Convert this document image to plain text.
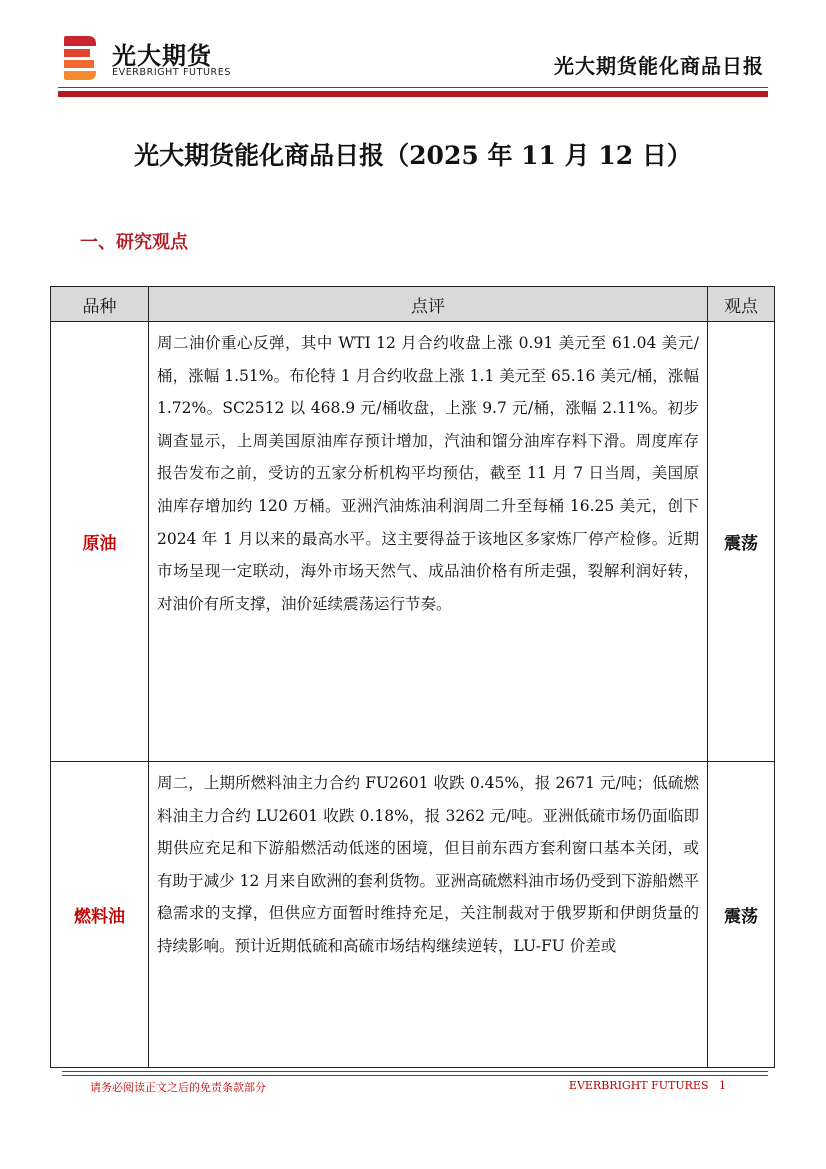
光大期货
EVERBRIGHT FUTURES	光大期货能化商品日报
光大期货能化商品日报（2025 年 11 月 12 日）
一、研究观点
品种	点评	观点
原油	周二油价重心反弹，其中 WTI 12 月合约收盘上涨 0.91 美元至 61.04 美元/桶，涨幅 1.51%。布伦特 1 月合约收盘上涨 1.1 美元至 65.16 美元/桶，涨幅 1.72%。SC2512 以 468.9 元/桶收盘，上涨 9.7 元/桶，涨幅 2.11%。初步调查显示，上周美国原油库存预计增加，汽油和馏分油库存料下滑。周度库存报告发布之前，受访的五家分析机构平均预估，截至 11 月 7 日当周，美国原油库存增加约 120 万桶。亚洲汽油炼油利润周二升至每桶 16.25 美元，创下 2024 年 1 月以来的最高水平。这主要得益于该地区多家炼厂停产检修。近期市场呈现一定联动，海外市场天然气、成品油价格有所走强，裂解利润好转，对油价有所支撑，油价延续震荡运行节奏。	震荡
燃料油	周二，上期所燃料油主力合约 FU2601 收跌 0.45%，报 2671 元/吨；低硫燃料油主力合约 LU2601 收跌 0.18%，报 3262 元/吨。亚洲低硫市场仍面临即期供应充足和下游船燃活动低迷的困境，但目前东西方套利窗口基本关闭，或有助于减少 12 月来自欧洲的套利货物。亚洲高硫燃料油市场仍受到下游船燃平稳需求的支撑，但供应方面暂时维持充足，关注制裁对于俄罗斯和伊朗货量的持续影响。预计近期低硫和高硫市场结构继续逆转，LU-FU 价差或	震荡
请务必阅读正文之后的免责条款部分	EVERBRIGHT FUTURES 1
